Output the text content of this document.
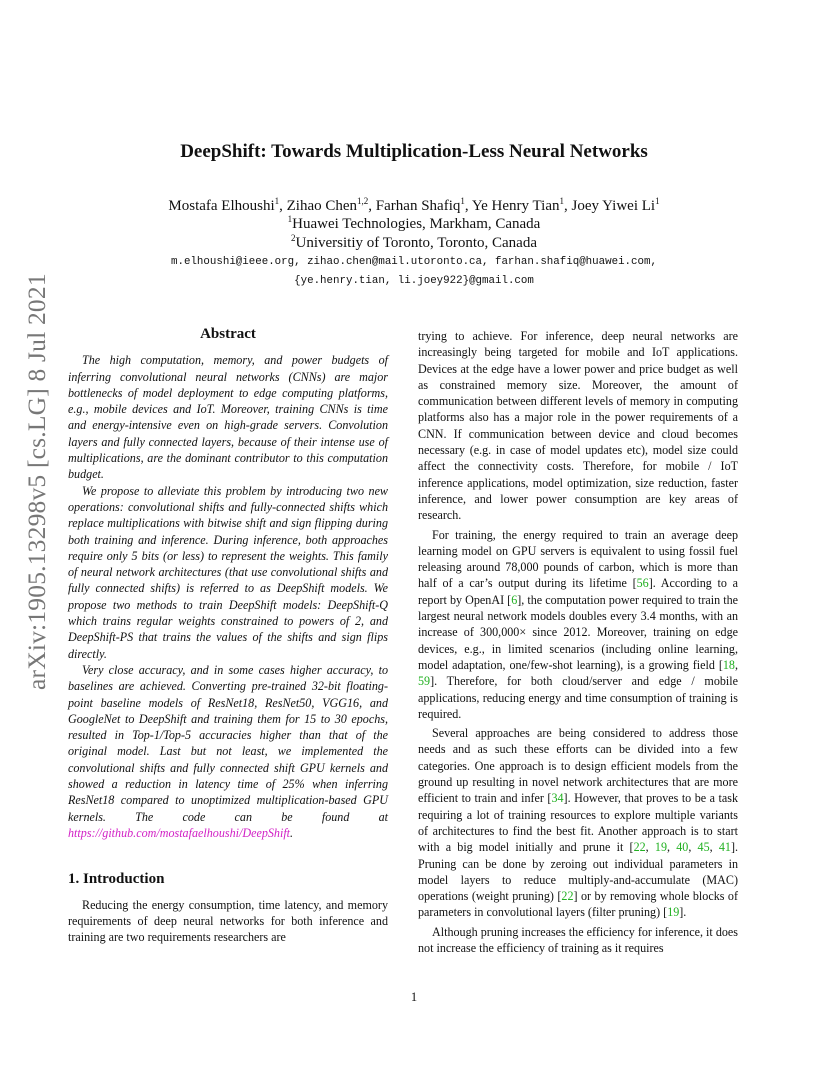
arXiv:1905.13298v5 [cs.LG] 8 Jul 2021
DeepShift: Towards Multiplication-Less Neural Networks
Mostafa Elhoushi$^1$, Zihao Chen$^{1,2}$, Farhan Shafiq$^1$, Ye Henry Tian$^1$, Joey Yiwei Li$^1$
$^1$Huawei Technologies, Markham, Canada
$^2$Universitiy of Toronto, Toronto, Canada
m.elhoushi@ieee.org, zihao.chen@mail.utoronto.ca, farhan.shafiq@huawei.com,
{ye.henry.tian, li.joey922}@gmail.com
Abstract

The high computation, memory, and power budgets of inferring convolutional neural networks (CNNs) are major bottlenecks of model deployment to edge computing platforms, e.g., mobile devices and IoT. Moreover, training CNNs is time and energy-intensive even on high-grade servers. Convolution layers and fully connected layers, because of their intense use of multiplications, are the dominant contributor to this computation budget.

We propose to alleviate this problem by introducing two new operations: convolutional shifts and fully-connected shifts which replace multiplications with bitwise shift and sign flipping during both training and inference. During inference, both approaches require only 5 bits (or less) to represent the weights. This family of neural network architectures (that use convolutional shifts and fully connected shifts) is referred to as DeepShift models. We propose two methods to train DeepShift models: DeepShift-Q which trains regular weights constrained to powers of 2, and DeepShift-PS that trains the values of the shifts and sign flips directly.

Very close accuracy, and in some cases higher accuracy, to baselines are achieved. Converting pre-trained 32-bit floating-point baseline models of ResNet18, ResNet50, VGG16, and GoogleNet to DeepShift and training them for 15 to 30 epochs, resulted in Top-1/Top-5 accuracies higher than that of the original model. Last but not least, we implemented the convolutional shifts and fully connected shift GPU kernels and showed a reduction in latency time of 25% when inferring ResNet18 compared to unoptimized multiplication-based GPU kernels. The code can be found at https://github.com/mostafaelhoushi/DeepShift.

1. Introduction

Reducing the energy consumption, time latency, and memory requirements of deep neural networks for both inference and training are two requirements researchers are

trying to achieve. For inference, deep neural networks are increasingly being targeted for mobile and IoT applications. Devices at the edge have a lower power and price budget as well as constrained memory size. Moreover, the amount of communication between different levels of memory in computing platforms also has a major role in the power requirements of a CNN. If communication between device and cloud becomes necessary (e.g. in case of model updates etc), model size could affect the connectivity costs. Therefore, for mobile / IoT inference applications, model optimization, size reduction, faster inference, and lower power consumption are key areas of research.

For training, the energy required to train an average deep learning model on GPU servers is equivalent to using fossil fuel releasing around 78,000 pounds of carbon, which is more than half of a car’s output during its lifetime [56]. According to a report by OpenAI [6], the computation power required to train the largest neural network models doubles every 3.4 months, with an increase of 300,000× since 2012. Moreover, training on edge devices, e.g., in limited scenarios (including online learning, model adaptation, one/few-shot learning), is a growing field [18, 59]. Therefore, for both cloud/server and edge / mobile applications, reducing energy and time consumption of training is required.

Several approaches are being considered to address those needs and as such these efforts can be divided into a few categories. One approach is to design efficient models from the ground up resulting in novel network architectures that are more efficient to train and infer [34]. However, that proves to be a task requiring a lot of training resources to explore multiple variants of architectures to find the best fit. Another approach is to start with a big model initially and prune it [22, 19, 40, 45, 41]. Pruning can be done by zeroing out individual parameters in model layers to reduce multiply-and-accumulate (MAC) operations (weight pruning) [22] or by removing whole blocks of parameters in convolutional layers (filter pruning) [19].

Although pruning increases the efficiency for inference, it does not increase the efficiency of training as it requires

1
